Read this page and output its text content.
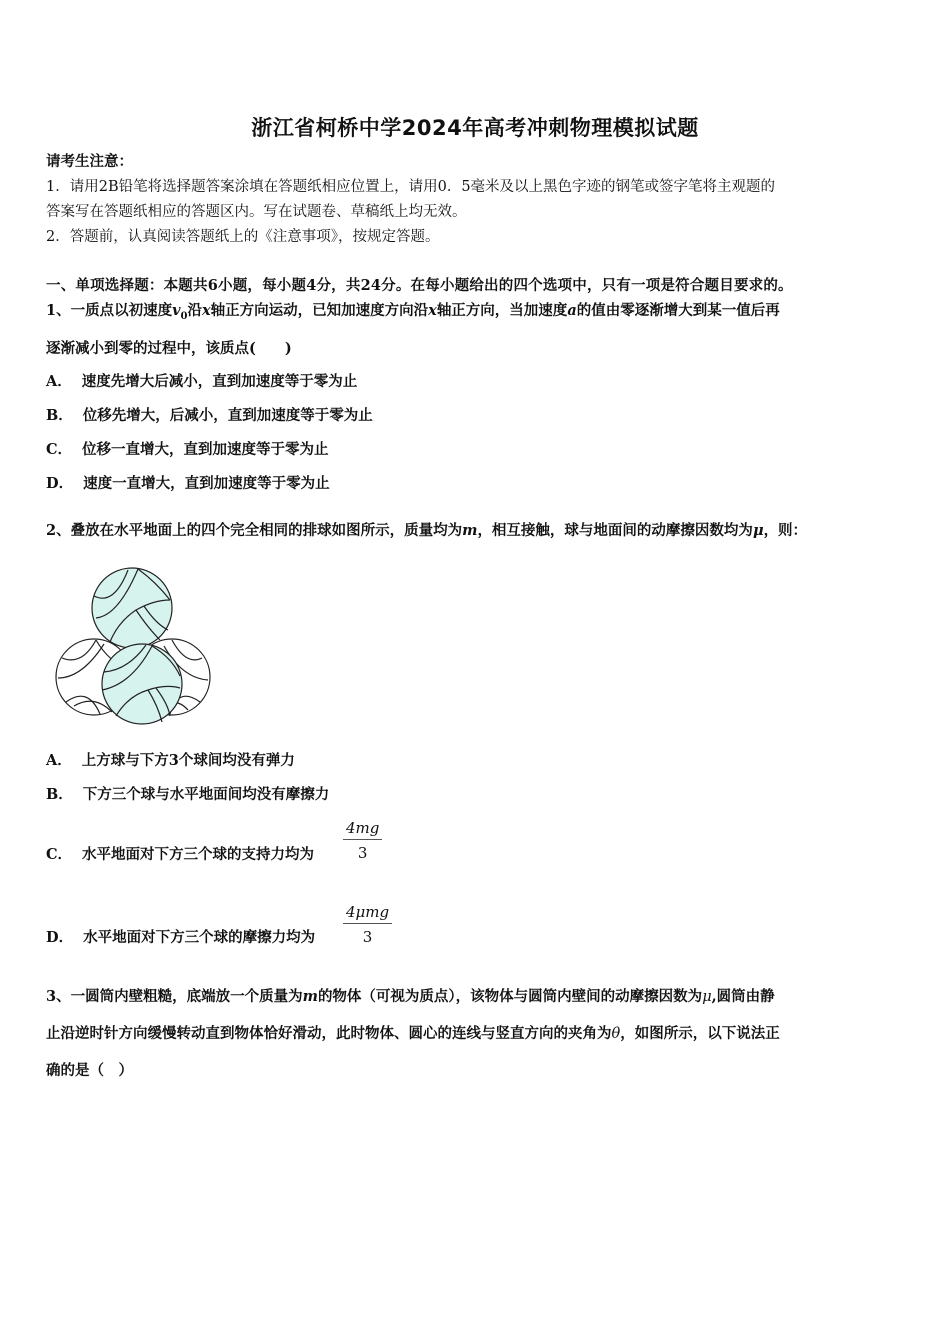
浙江省柯桥中学2024年高考冲刺物理模拟试题
请考生注意：
1．请用2B铅笔将选择题答案涂填在答题纸相应位置上，请用0．5毫米及以上黑色字迹的钢笔或签字笔将主观题的
答案写在答题纸相应的答题区内。写在试题卷、草稿纸上均无效。
2．答题前，认真阅读答题纸上的《注意事项》，按规定答题。
一、单项选择题：本题共6小题，每小题4分，共24分。在每小题给出的四个选项中，只有一项是符合题目要求的。
1、一质点以初速度$v_0$沿x轴正方向运动，已知加速度方向沿x轴正方向，当加速度a的值由零逐渐增大到某一值后再
逐渐减小到零的过程中，该质点(　　)
A． 速度先增大后减小，直到加速度等于零为止
B． 位移先增大，后减小，直到加速度等于零为止
C． 位移一直增大，直到加速度等于零为止
D． 速度一直增大，直到加速度等于零为止
2、叠放在水平地面上的四个完全相同的排球如图所示，质量均为m，相互接触，球与地面间的动摩擦因数均为μ，则：
A． 上方球与下方3个球间均没有弹力
B． 下方三个球与水平地面间均没有摩擦力
C． 水平地面对下方三个球的支持力均为 $\frac{4mg}{3}$
D． 水平地面对下方三个球的摩擦力均为
4μmg
3
3、一圆筒内壁粗糙，底端放一个质量为m的物体（可视为质点），该物体与圆筒内壁间的动摩擦因数为μ,圆筒由静
止沿逆时针方向缓慢转动直到物体恰好滑动，此时物体、圆心的连线与竖直方向的夹角为θ，如图所示，以下说法正
确的是（　）
